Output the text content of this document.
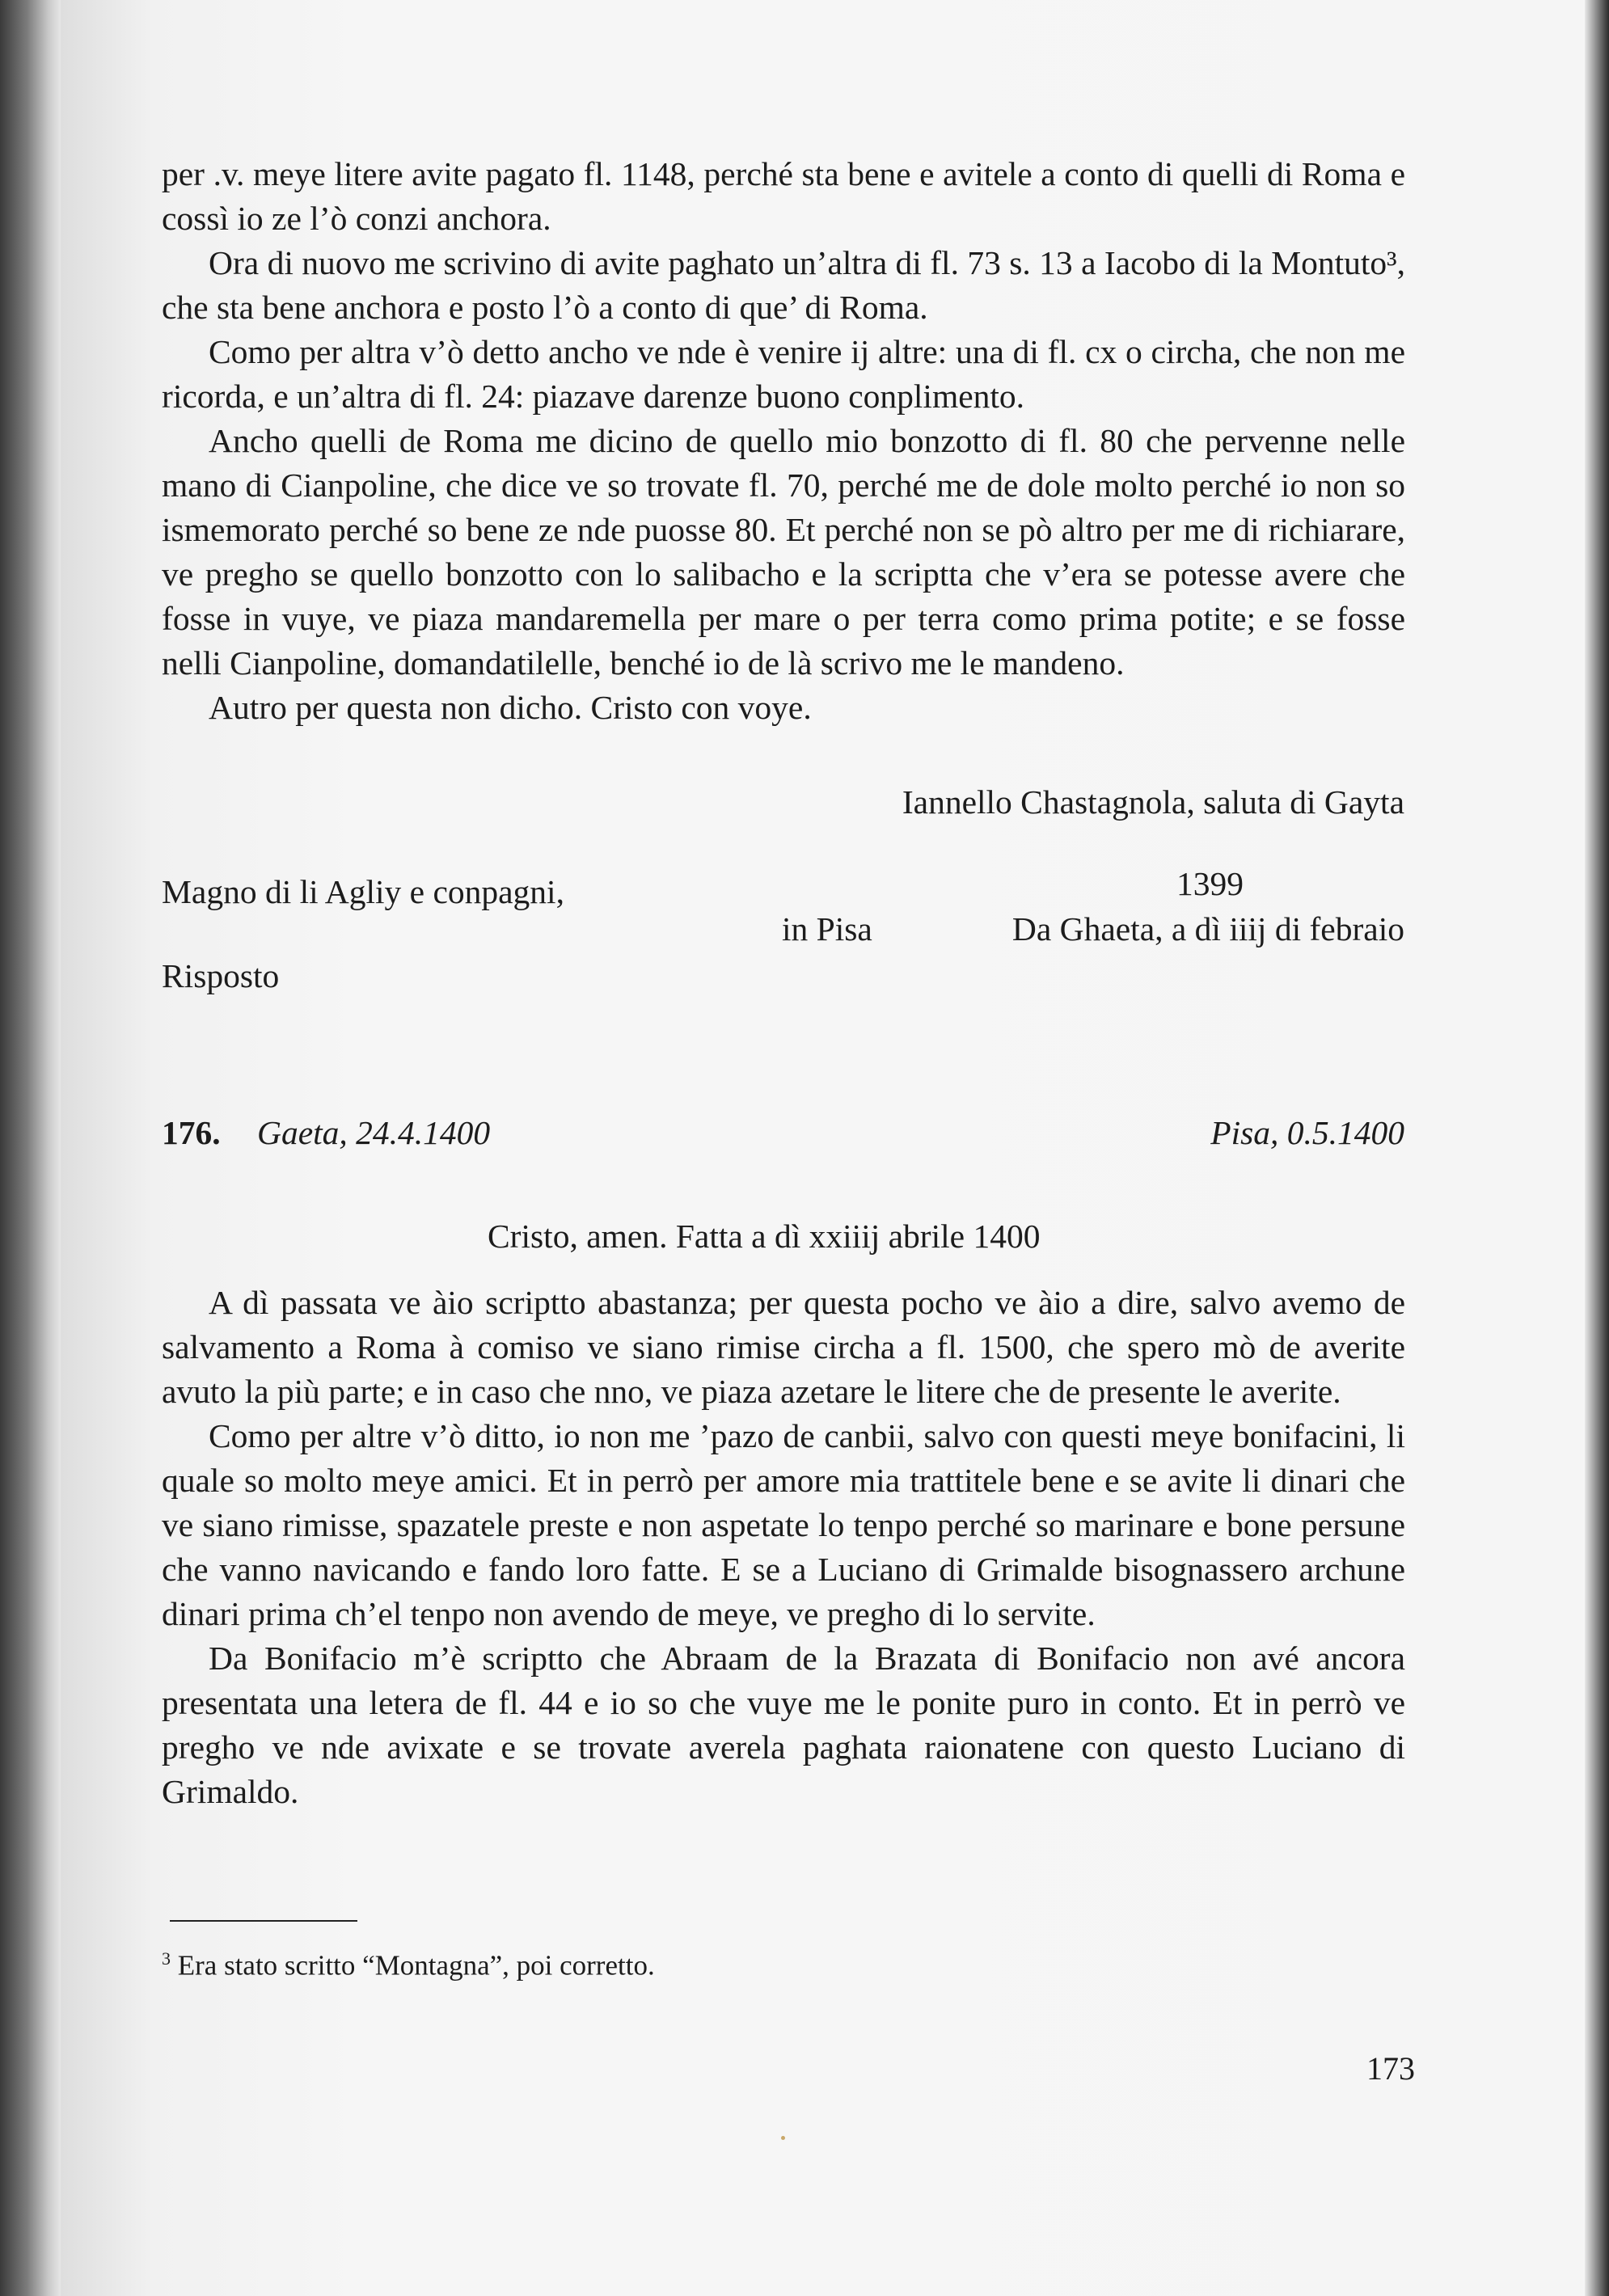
per .v. meye litere avite pagato fl. 1148, perché sta bene e avitele a conto di quelli di Roma e cossì io ze l’ò conzi anchora.

Ora di nuovo me scrivino di avite paghato un’altra di fl. 73 s. 13 a Iacobo di la Montuto³, che sta bene anchora e posto l’ò a conto di que’ di Roma.

Como per altra v’ò detto ancho ve nde è venire ij altre: una di fl. cx o circha, che non me ricorda, e un’altra di fl. 24: piazave darenze buono conplimento.

Ancho quelli de Roma me dicino de quello mio bonzotto di fl. 80 che pervenne nelle mano di Cianpoline, che dice ve so trovate fl. 70, perché me de dole molto perché io non so ismemorato perché so bene ze nde puosse 80. Et perché non se pò altro per me di richiarare, ve pregho se quello bonzotto con lo salibacho e la scriptta che v’era se potesse avere che fosse in vuye, ve piaza mandaremella per mare o per terra como prima potite; e se fosse nelli Cianpoline, domandatilelle, benché io de là scrivo me le mandeno.

Autro per questa non dicho. Cristo con voye.

Iannello Chastagnola, saluta di Gayta
Magno di li Agliy e conpagni,	1399
in Pisa	Da Ghaeta, a dì iiij di febraio
Risposto
176. Gaeta, 24.4.1400	Pisa, 0.5.1400
Cristo, amen. Fatta a dì xxiiij abrile 1400

A dì passata ve àio scriptto abastanza; per questa pocho ve àio a dire, salvo avemo de salvamento a Roma à comiso ve siano rimise circha a fl. 1500, che spero mò de averite avuto la più parte; e in caso che nno, ve piaza azetare le litere che de presente le averite.

Como per altre v’ò ditto, io non me ’pazo de canbii, salvo con questi meye bonifacini, li quale so molto meye amici. Et in perrò per amore mia trattitele bene e se avite li dinari che ve siano rimisse, spazatele preste e non aspetate lo tenpo perché so marinare e bone persune che vanno navicando e fando loro fatte. E se a Luciano di Grimalde bisognassero archune dinari prima ch’el tenpo non avendo de meye, ve pregho di lo servite.

Da Bonifacio m’è scriptto che Abraam de la Brazata di Bonifacio non avé ancora presentata una letera de fl. 44 e io so che vuye me le ponite puro in conto. Et in perrò ve pregho ve nde avixate e se trovate averela paghata raionatene con questo Luciano di Grimaldo.

$^3$ Era stato scritto “Montagna”, poi corretto.
173
